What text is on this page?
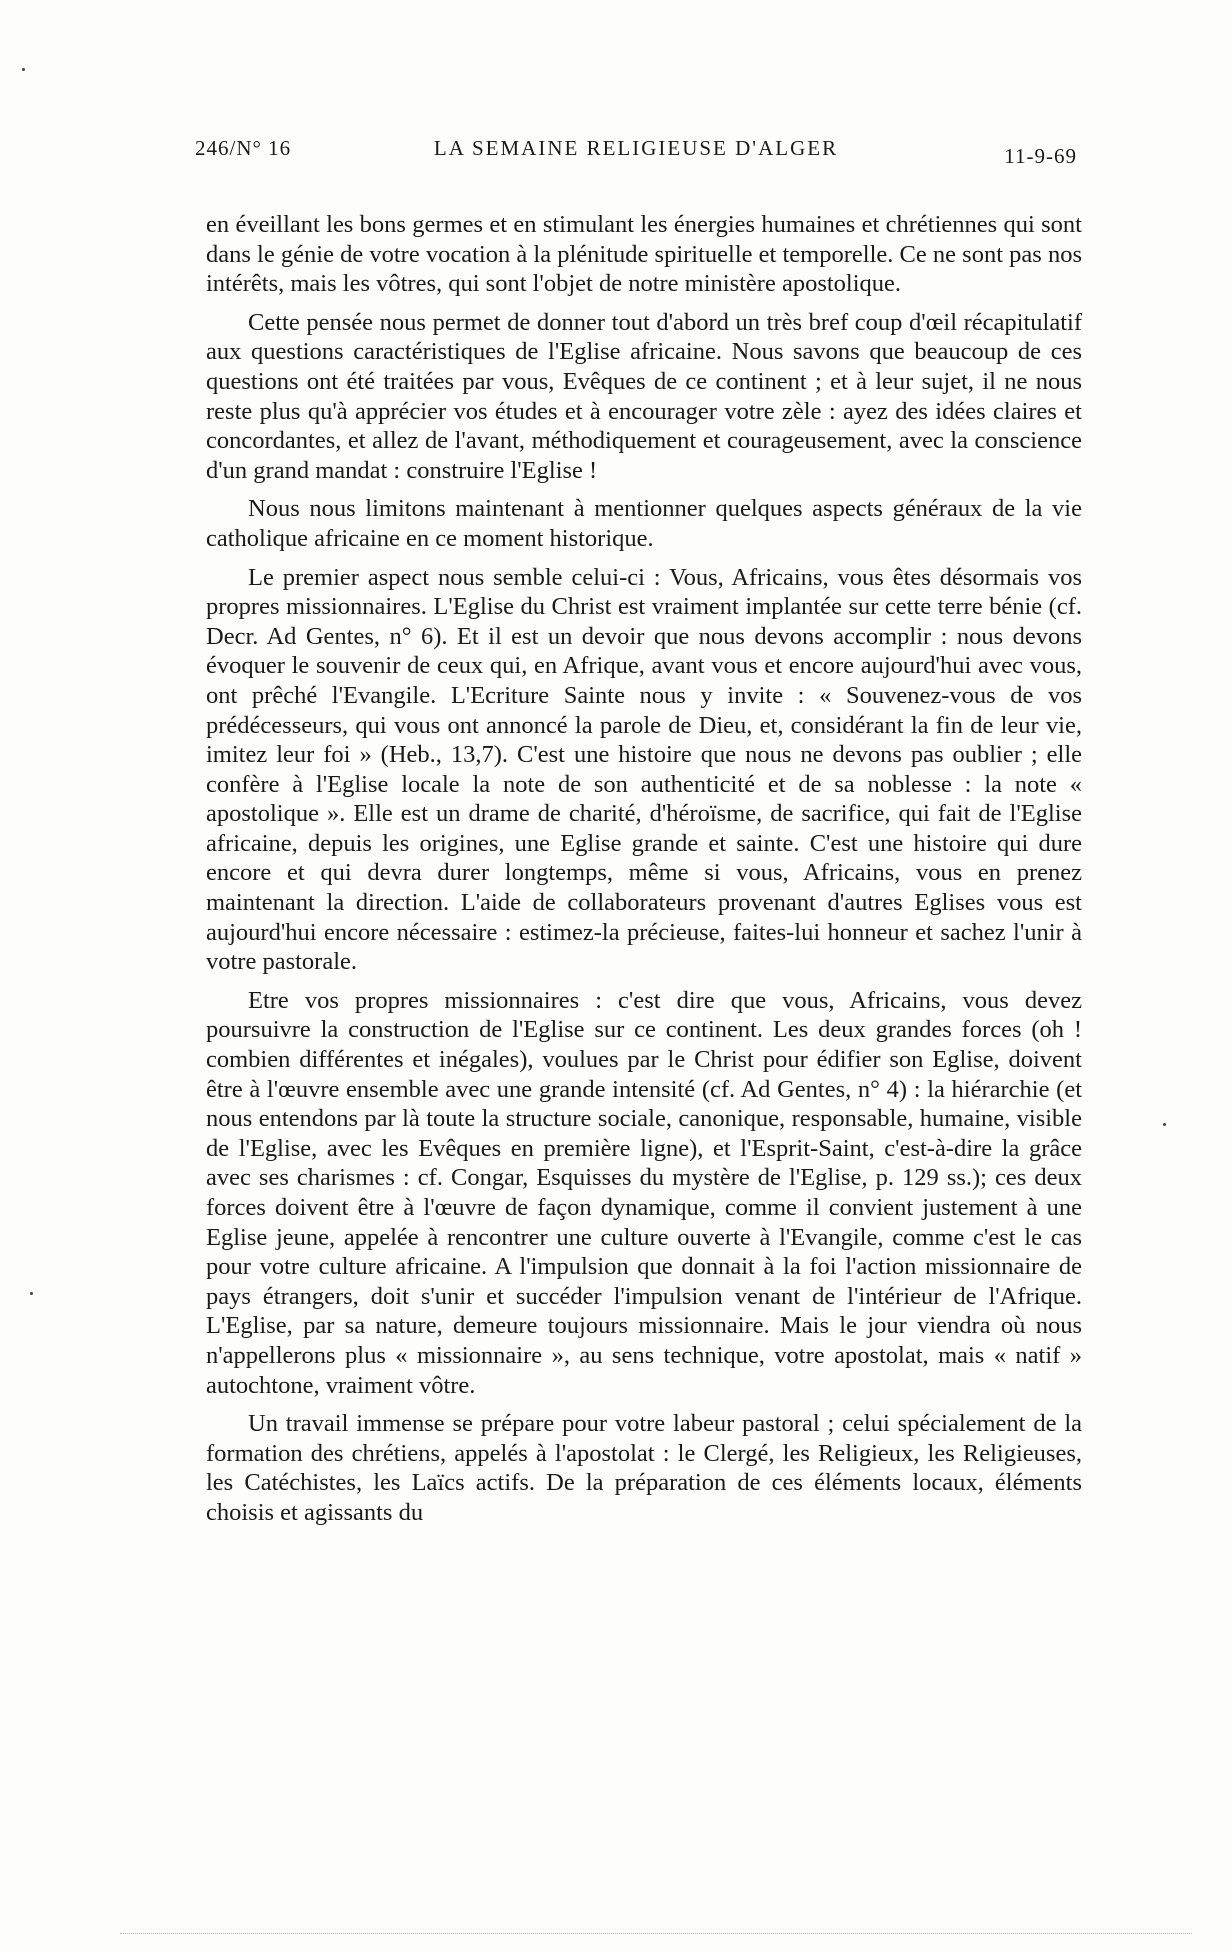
246/N° 16	LA SEMAINE RELIGIEUSE D'ALGER	11-9-69

en éveillant les bons germes et en stimulant les énergies humaines et chrétiennes qui sont dans le génie de votre vocation à la plénitude spirituelle et temporelle. Ce ne sont pas nos intérêts, mais les vôtres, qui sont l'objet de notre ministère apostolique.

Cette pensée nous permet de donner tout d'abord un très bref coup d'œil récapitulatif aux questions caractéristiques de l'Eglise africaine. Nous savons que beaucoup de ces questions ont été traitées par vous, Evêques de ce continent ; et à leur sujet, il ne nous reste plus qu'à apprécier vos études et à encourager votre zèle : ayez des idées claires et concordantes, et allez de l'avant, méthodiquement et courageusement, avec la conscience d'un grand mandat : construire l'Eglise !

Nous nous limitons maintenant à mentionner quelques aspects généraux de la vie catholique africaine en ce moment historique.

Le premier aspect nous semble celui-ci : Vous, Africains, vous êtes désormais vos propres missionnaires. L'Eglise du Christ est vraiment implantée sur cette terre bénie (cf. Decr. Ad Gentes, n° 6). Et il est un devoir que nous devons accomplir : nous devons évoquer le souvenir de ceux qui, en Afrique, avant vous et encore aujourd'hui avec vous, ont prêché l'Evangile. L'Ecriture Sainte nous y invite : « Souvenez-vous de vos prédécesseurs, qui vous ont annoncé la parole de Dieu, et, considérant la fin de leur vie, imitez leur foi » (Heb., 13,7). C'est une histoire que nous ne devons pas oublier ; elle confère à l'Eglise locale la note de son authenticité et de sa noblesse : la note « apostolique ». Elle est un drame de charité, d'héroïsme, de sacrifice, qui fait de l'Eglise africaine, depuis les origines, une Eglise grande et sainte. C'est une histoire qui dure encore et qui devra durer longtemps, même si vous, Africains, vous en prenez maintenant la direction. L'aide de collaborateurs provenant d'autres Eglises vous est aujourd'hui encore nécessaire : estimez-la précieuse, faites-lui honneur et sachez l'unir à votre pastorale.

Etre vos propres missionnaires : c'est dire que vous, Africains, vous devez poursuivre la construction de l'Eglise sur ce continent. Les deux grandes forces (oh ! combien différentes et inégales), voulues par le Christ pour édifier son Eglise, doivent être à l'œuvre ensemble avec une grande intensité (cf. Ad Gentes, n° 4) : la hiérarchie (et nous entendons par là toute la structure sociale, canonique, responsable, humaine, visible de l'Eglise, avec les Evêques en première ligne), et l'Esprit-Saint, c'est-à-dire la grâce avec ses charismes : cf. Congar, Esquisses du mystère de l'Eglise, p. 129 ss.); ces deux forces doivent être à l'œuvre de façon dynamique, comme il convient justement à une Eglise jeune, appelée à rencontrer une culture ouverte à l'Evangile, comme c'est le cas pour votre culture africaine. A l'impulsion que donnait à la foi l'action missionnaire de pays étrangers, doit s'unir et succéder l'impulsion venant de l'intérieur de l'Afrique. L'Eglise, par sa nature, demeure toujours missionnaire. Mais le jour viendra où nous n'appellerons plus « missionnaire », au sens technique, votre apostolat, mais « natif » autochtone, vraiment vôtre.

Un travail immense se prépare pour votre labeur pastoral ; celui spécialement de la formation des chrétiens, appelés à l'apostolat : le Clergé, les Religieux, les Religieuses, les Catéchistes, les Laïcs actifs. De la préparation de ces éléments locaux, éléments choisis et agissants du
